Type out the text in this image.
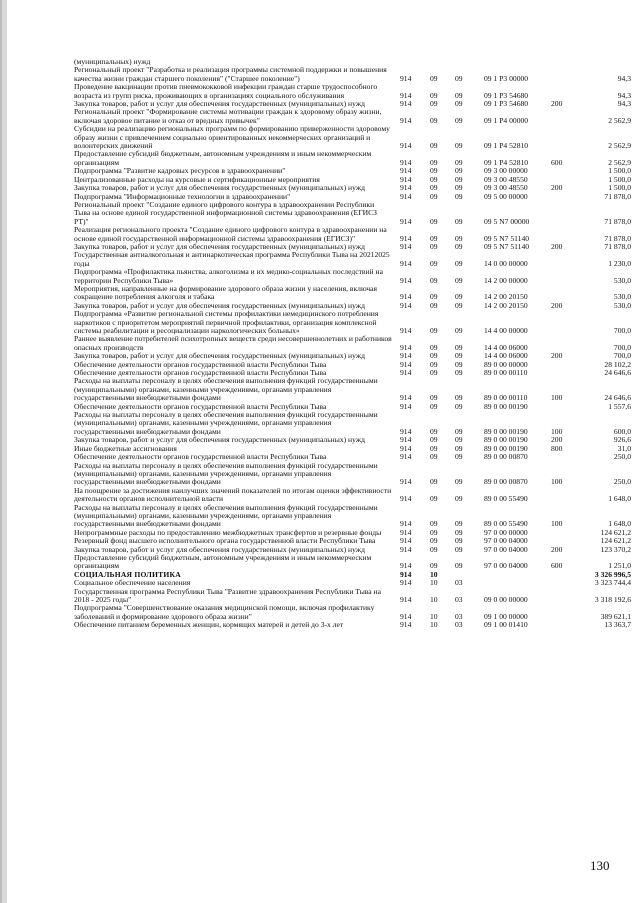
(муниципальных) нужд
Региональный проект "Разработка и реализация программы системной поддержки и повышения качества жизни граждан старшего поколения" ("Старшее поколение")	914 09 09	09 1 P3 00000	94,3
Проведение вакцинации против пневмококковой инфекции граждан старше трудоспособного возраста из групп риска, проживающих в организациях социального обслуживания	914 09 09	09 1 P3 54680	94,3
Закупка товаров, работ и услуг для обеспечения государственных (муниципальных) нужд	914 09 09	09 1 P3 54680	200	94,3
Региональный проект "Формирование системы мотивации граждан к здоровому образу жизни, включая здоровое питание и отказ от вредных привычек"	914 09 09	09 1 P4 00000	2 562,9
Субсидии на реализацию региональных программ по формированию приверженности здоровому образу жизни с привлечением социально ориентированных некоммерческих организаций и волонтерских движений	914 09 09	09 1 P4 52810	2 562,9
Предоставление субсидий бюджетным, автономным учреждениям и иным некоммерческим организациям	914 09 09	09 1 P4 52810	600	2 562,9
Подпрограмма "Развитие кадровых ресурсов в здравоохранении"	914 09 09	09 3 00 00000	1 500,0
Централизованные расходы на курсовые и сертификационные мероприятия	914 09 09	09 3 00 48550	1 500,0
Закупка товаров, работ и услуг для обеспечения государственных (муниципальных) нужд	914 09 09	09 3 00 48550	200	1 500,0
Подпрограмма "Информационные технологии в здравоохранении"	914 09 09	09 5 00 00000	71 878,0
Региональный проект "Создание единого цифрового контура в здравоохранении Республики Тыва на основе единой государственной информационной системы здравоохранения (ЕГИСЗ РТ)"	914 09 09	09 5 N7 00000	71 878,0
Реализация регионального проекта "Создание единого цифрового контура в здравоохранении на основе единой государственной информационной системы здравоохранения (ЕГИСЗ)"	914 09 09	09 5 N7 51140	71 878,0
Закупка товаров, работ и услуг для обеспечения государственных (муниципальных) нужд	914 09 09	09 5 N7 51140	200	71 878,0
Государственная антиалкогольная и антинаркотическая программа Республики Тыва на 20212025 годы	914 09 09	14 0 00 00000	1 230,0
Подпрограмма «Профилактика пьянства, алкоголизма и их медико-социальных последствий на территории Республики Тыва»	914 09 09	14 2 00 00000	530,0
Мероприятия, направленные на формирование здорового образа жизни у населения, включая сокращение потребления алкоголя и табака	914 09 09	14 2 00 20150	530,0
Закупка товаров, работ и услуг для обеспечения государственных (муниципальных) нужд	914 09 09	14 2 00 20150	200	530,0
Подпрограмма «Развитие региональной системы профилактики немедицинского потребления наркотиков с приоритетом мероприятий первичной профилактики, организация комплексной системы реабилитации и ресоциализации наркологических больных»	914 09 09	14 4 00 00000	700,0
Раннее выявление потребителей психотропных веществ среди несовершеннолетних и работников опасных производств	914 09 09	14 4 00 06000	700,0
Закупка товаров, работ и услуг для обеспечения государственных (муниципальных) нужд	914 09 09	14 4 00 06000	200	700,0
Обеспечение деятельности органов государственной власти Республики Тыва	914 09 09	89 0 00 00000	28 102,2
Обеспечение деятельности органов государственной власти Республики Тыва	914 09 09	89 0 00 00110	24 646,6
Расходы на выплаты персоналу в целях обеспечения выполнения функций государственными (муниципальными) органами, казенными учреждениями, органами управления государственными внебюджетными фондами	914 09 09	89 0 00 00110	100	24 646,6
Обеспечение деятельности органов государственной власти Республики Тыва	914 09 09	89 0 00 00190	1 557,6
Расходы на выплаты персоналу в целях обеспечения выполнения функций государственными (муниципальными) органами, казенными учреждениями, органами управления государственными внебюджетными фондами	914 09 09	89 0 00 00190	100	600,0
Закупка товаров, работ и услуг для обеспечения государственных (муниципальных) нужд	914 09 09	89 0 00 00190	200	926,6
Иные бюджетные ассигнования	914 09 09	89 0 00 00190	800	31,0
Обеспечение деятельности органов государственной власти Республики Тыва	914 09 09	89 0 00 00870	250,0
Расходы на выплаты персоналу в целях обеспечения выполнения функций государственными (муниципальными) органами, казенными учреждениями, органами управления государственными внебюджетными фондами	914 09 09	89 0 00 00870	100	250,0
На поощрение за достижения наилучших значений показателей по итогам оценки эффективности деятельности органов исполнительной власти	914 09 09	89 0 00 55490	1 648,0
Расходы на выплаты персоналу в целях обеспечения выполнения функций государственными (муниципальными) органами, казенными учреждениями, органами управления государственными внебюджетными фондами	914 09 09	89 0 00 55490	100	1 648,0
Непрограммные расходы по предоставлению межбюджетных трансфертов и резервные фонды	914 09 09	97 0 00 00000	124 621,2
Резервный фонд высшего исполнительного органа государственной власти Республики Тыва	914 09 09	97 0 00 04000	124 621,2
Закупка товаров, работ и услуг для обеспечения государственных (муниципальных) нужд	914 09 09	97 0 00 04000	200	123 370,2
Предоставление субсидий бюджетным, автономным учреждениям и иным некоммерческим организациям	914 09 09	97 0 00 04000	600	1 251,0
СОЦИАЛЬНАЯ ПОЛИТИКА	914 10	3 326 996,5
Социальное обеспечение населения	914 10 03	3 323 744,4
Государственная программа Республики Тыва "Развитие здравоохранения Республики Тыва на 2018 - 2025 годы"	914 10 03	09 0 00 00000	3 318 192,6
Подпрограмма "Совершенствование оказания медицинской помощи, включая профилактику заболеваний и формирование здорового образа жизни"	914 10 03	09 1 00 00000	389 621,1
Обеспечение питанием беременных женщин, кормящих матерей и детей до 3-х лет	914 10 03	09 1 00 01410	13 363,7
130
